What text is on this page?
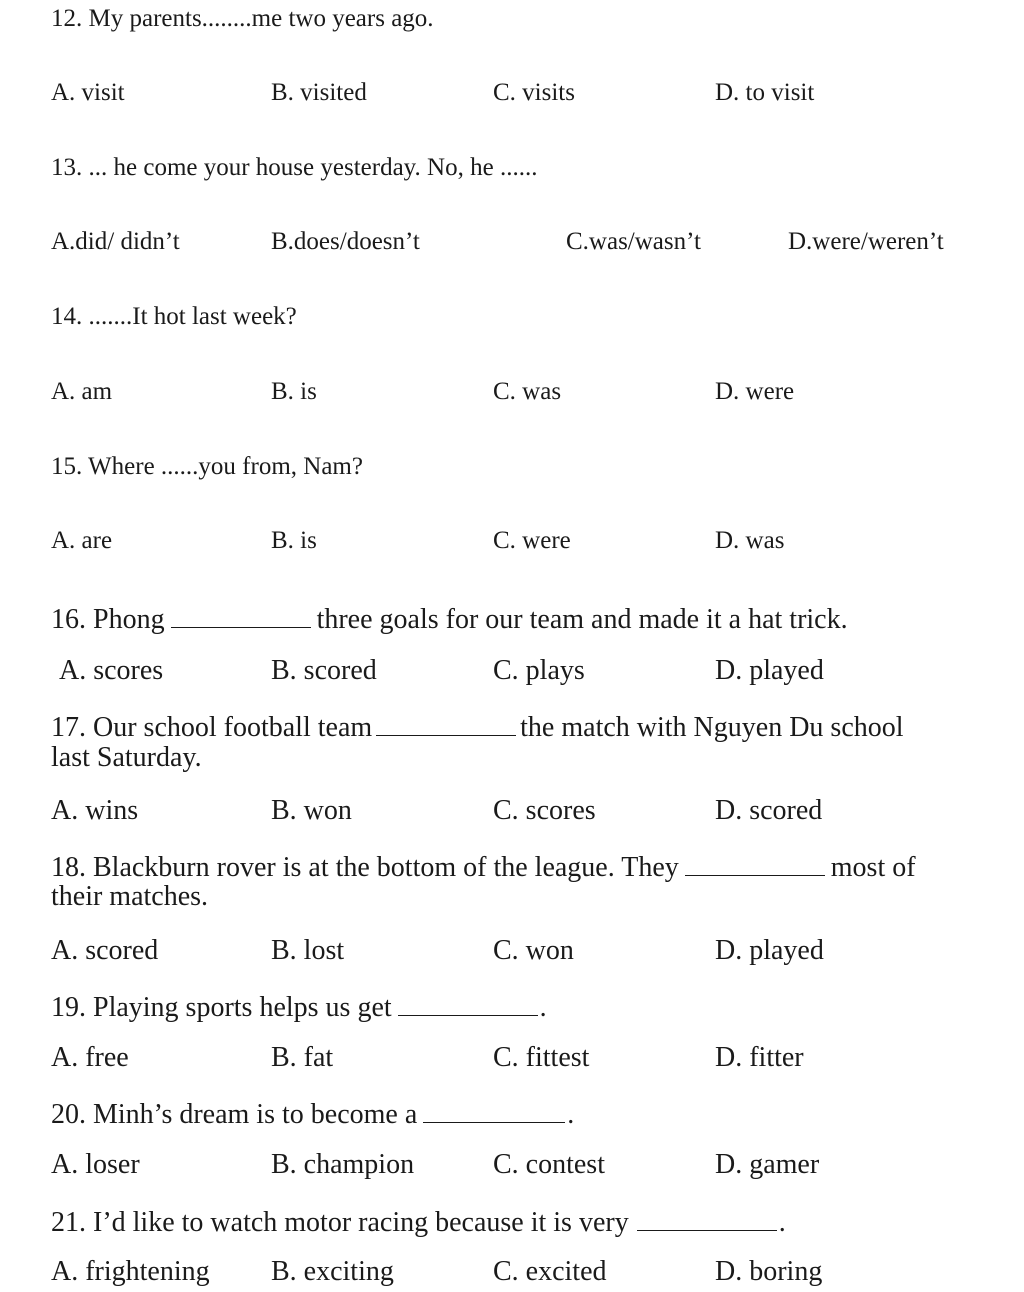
12. My parents........me two years ago.
A. visit	B. visited	C. visits	D. to visit
13. ... he come your house yesterday. No, he ......
A.did/ didn’t	B.does/doesn’t	C.was/wasn’t	D.were/weren’t
14. .......It hot last week?
A. am	B. is	C. was	D. were
15. Where ......you from, Nam?
A. are	B. is	C. were	D. was
16. Phong	three goals for our team and made it a hat trick.
A. scores	B. scored	C. plays	D. played
17. Our school football team	the match with Nguyen Du school
last Saturday.
A. wins	B. won	C. scores	D. scored
18. Blackburn rover is at the bottom of the league. They	most of
their matches.
A. scored	B. lost	C. won	D. played
19. Playing sports helps us get	.
A. free	B. fat	C. fittest	D. fitter
20. Minh’s dream is to become a	.
A. loser	B. champion	C. contest	D. gamer
21. I’d like to watch motor racing because it is very	.
A. frightening B. exciting	C. excited	D. boring
